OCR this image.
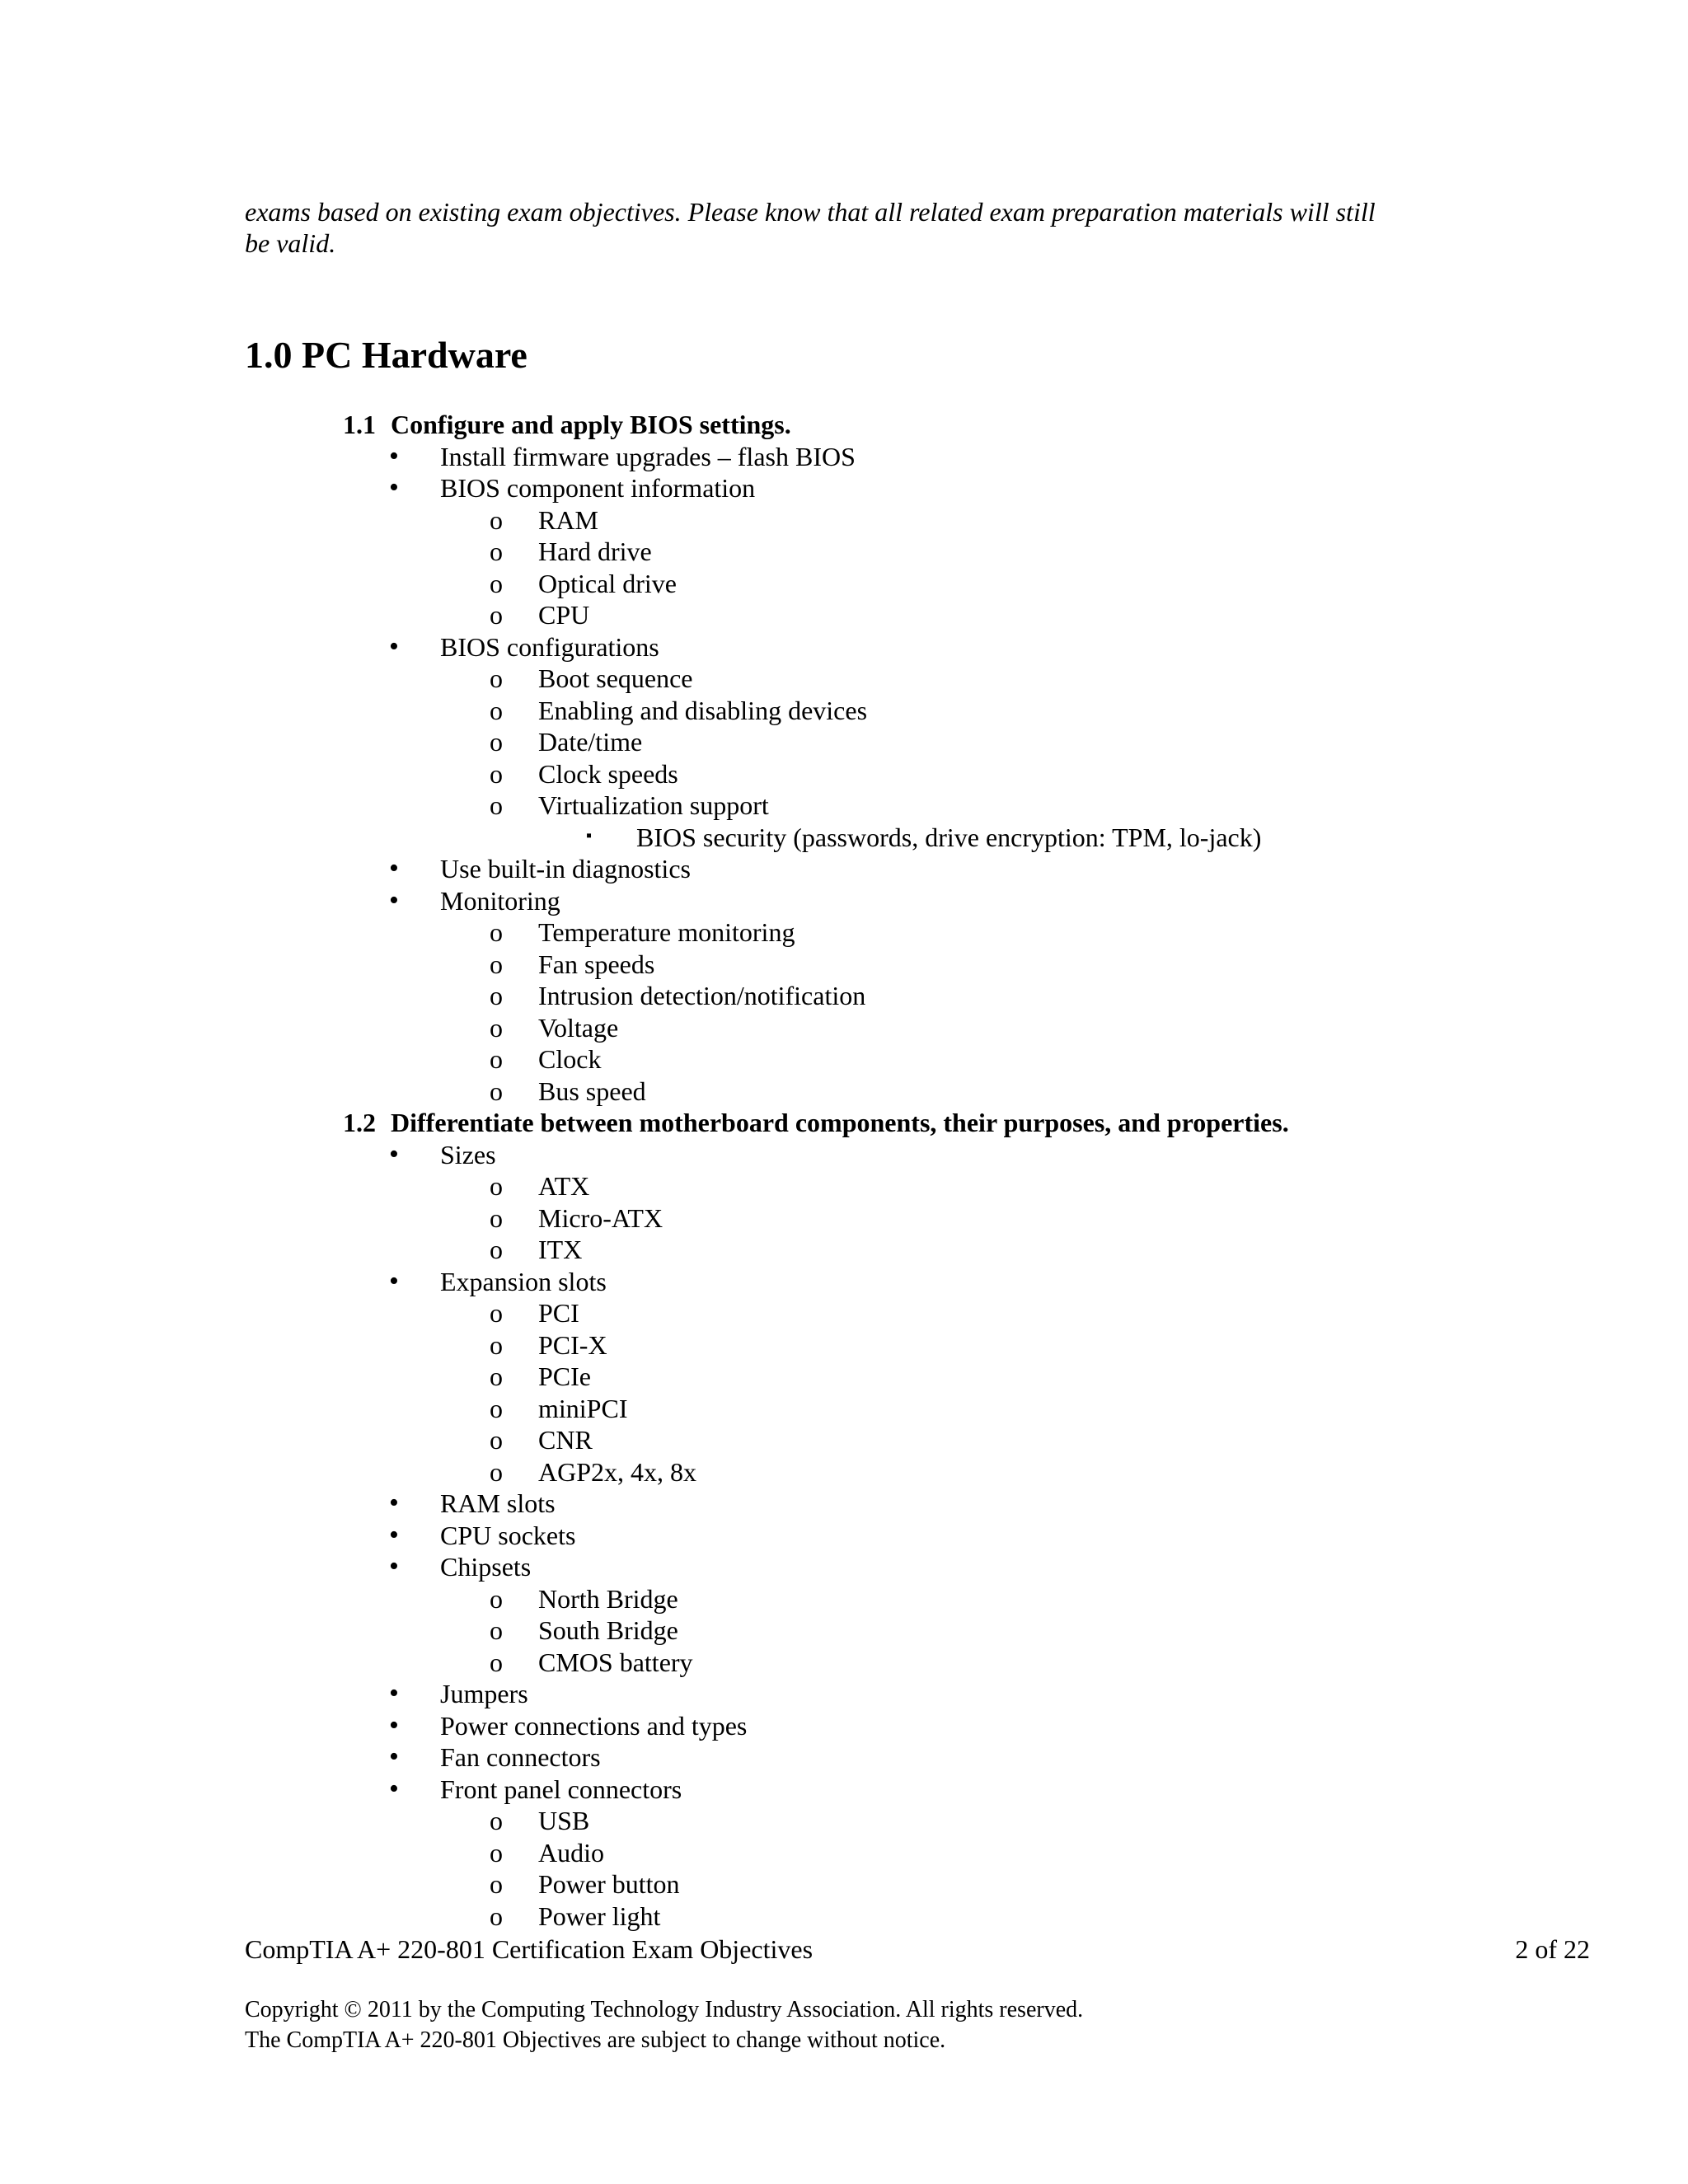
exams based on existing exam objectives. Please know that all related exam preparation materials will still
be valid.
1.0 PC Hardware
1.1 Configure and apply BIOS settings.
• Install firmware upgrades – flash BIOS
• BIOS component information
o RAM
o Hard drive
o Optical drive
o CPU
• BIOS configurations
o Boot sequence
o Enabling and disabling devices
o Date/time
o Clock speeds
o Virtualization support
▪ BIOS security (passwords, drive encryption: TPM, lo-jack)
• Use built-in diagnostics
• Monitoring
o Temperature monitoring
o Fan speeds
o Intrusion detection/notification
o Voltage
o Clock
o Bus speed
1.2 Differentiate between motherboard components, their purposes, and properties.
• Sizes
o ATX
o Micro-ATX
o ITX
• Expansion slots
o PCI
o PCI-X
o PCIe
o miniPCI
o CNR
o AGP2x, 4x, 8x
• RAM slots
• CPU sockets
• Chipsets
o North Bridge
o South Bridge
o CMOS battery
• Jumpers
• Power connections and types
• Fan connectors
• Front panel connectors
o USB
o Audio
o Power button
o Power light
CompTIA A+ 220-801 Certification Exam Objectives	2 of 22
Copyright © 2011 by the Computing Technology Industry Association. All rights reserved.
The CompTIA A+ 220-801 Objectives are subject to change without notice.
